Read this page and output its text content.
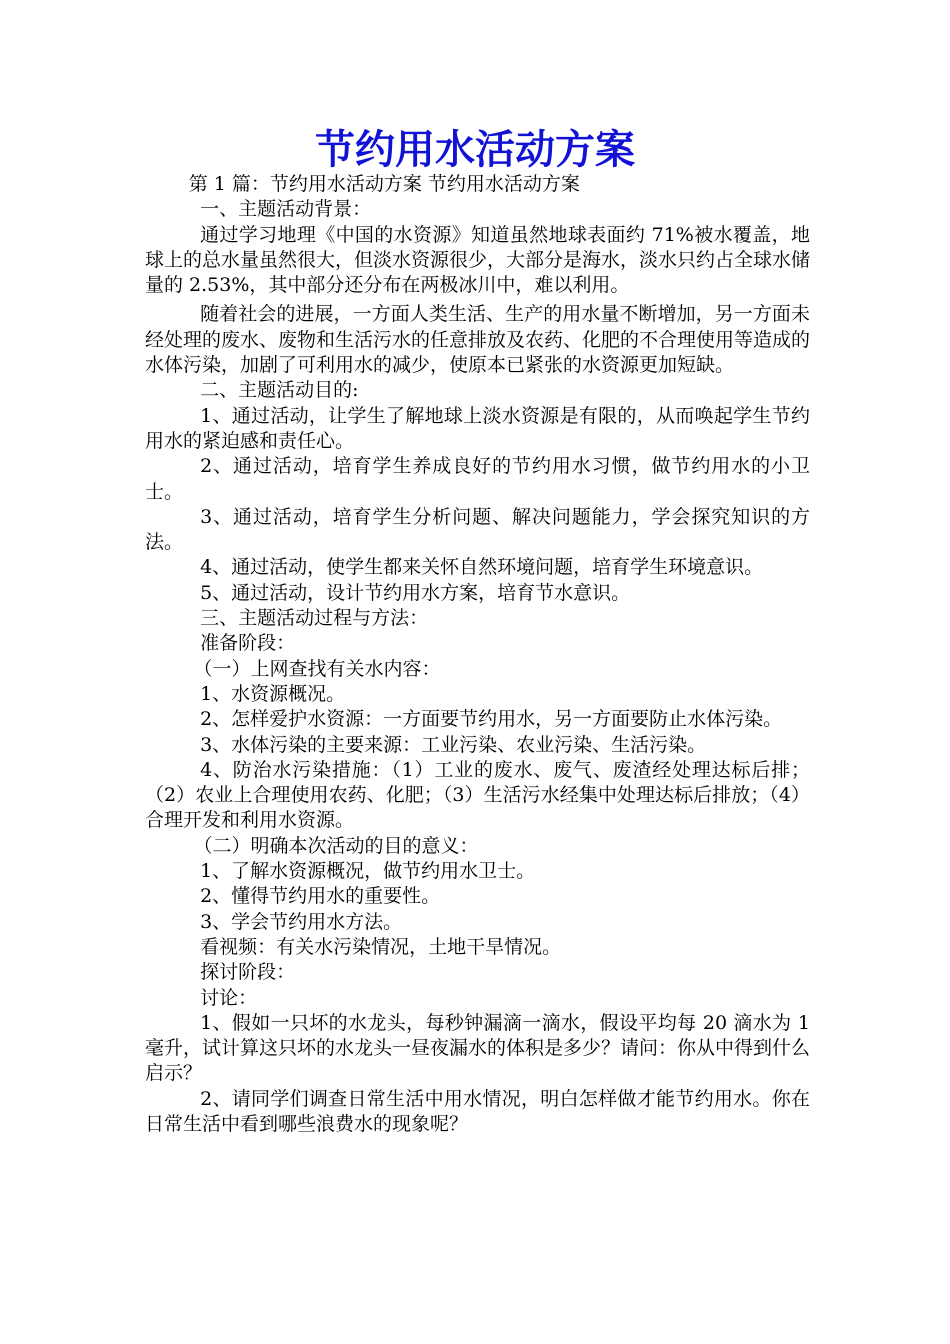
节约用水活动方案

第 1 篇：节约用水活动方案 节约用水活动方案

一、主题活动背景：

通过学习地理《中国的水资源》知道虽然地球表面约 71%被水覆盖，地球上的总水量虽然很大，但淡水资源很少，大部分是海水，淡水只约占全球水储量的 2.53%，其中部分还分布在两极冰川中，难以利用。

随着社会的进展，一方面人类生活、生产的用水量不断增加，另一方面未经处理的废水、废物和生活污水的任意排放及农药、化肥的不合理使用等造成的水体污染，加剧了可利用水的减少，使原本已紧张的水资源更加短缺。

二、主题活动目的:

1、通过活动，让学生了解地球上淡水资源是有限的，从而唤起学生节约用水的紧迫感和责任心。

2、通过活动，培育学生养成良好的节约用水习惯，做节约用水的小卫士。

3、通过活动，培育学生分析问题、解决问题能力，学会探究知识的方法。

4、通过活动，使学生都来关怀自然环境问题，培育学生环境意识。

5、通过活动，设计节约用水方案，培育节水意识。

三、主题活动过程与方法：

准备阶段：

（一）上网查找有关水内容：

1、水资源概况。

2、怎样爱护水资源：一方面要节约用水，另一方面要防止水体污染。

3、水体污染的主要来源：工业污染、农业污染、生活污染。

4、防治水污染措施：（1）工业的废水、废气、废渣经处理达标后排；（2）农业上合理使用农药、化肥；（3）生活污水经集中处理达标后排放；（4）合理开发和利用水资源。

（二）明确本次活动的目的意义：

1、了解水资源概况，做节约用水卫士。

2、懂得节约用水的重要性。

3、学会节约用水方法。

看视频：有关水污染情况，土地干旱情况。

探讨阶段：

讨论：

1、假如一只坏的水龙头，每秒钟漏滴一滴水，假设平均每 20 滴水为 1 毫升，试计算这只坏的水龙头一昼夜漏水的体积是多少？请问：你从中得到什么启示？

2、请同学们调查日常生活中用水情况，明白怎样做才能节约用水。你在日常生活中看到哪些浪费水的现象呢？
